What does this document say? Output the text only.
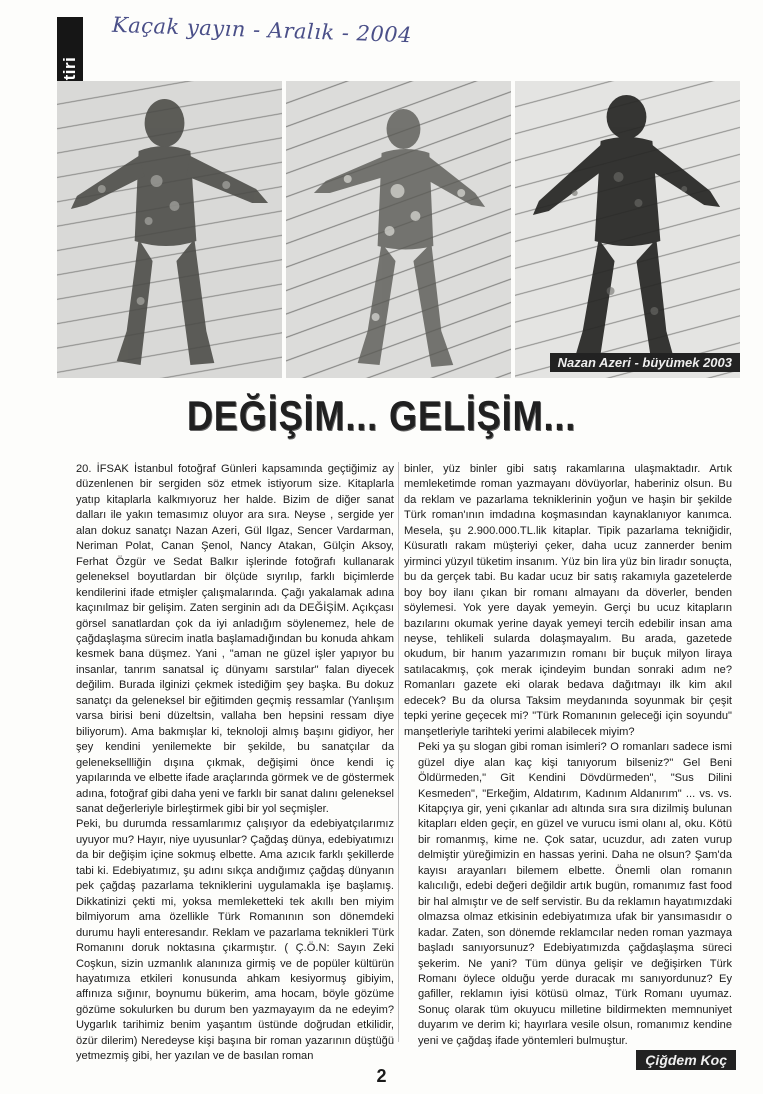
Kaçak yayın - Aralık - 2004
Nazan Azeri - büyümek 2003
DEĞİŞİM... GELİŞİM...

20. İFSAK İstanbul fotoğraf Günleri kapsamında geçtiğimiz ay düzenlenen bir sergiden söz etmek istiyorum size. Kitaplarla yatıp kitaplarla kalkmıyoruz her halde. Bizim de diğer sanat dalları ile yakın temasımız oluyor ara sıra. Neyse , sergide yer alan dokuz sanatçı Nazan Azeri, Gül Ilgaz, Sencer Vardarman, Neriman Polat, Canan Şenol, Nancy Atakan, Gülçin Aksoy, Ferhat Özgür ve Sedat Balkır işlerinde fotoğrafı kullanarak geleneksel boyutlardan bir ölçüde sıyrılıp, farklı biçimlerde kendilerini ifade etmişler çalışmalarında. Çağı yakalamak adına kaçınılmaz bir gelişim. Zaten serginin adı da DEĞİŞİM. Açıkçası görsel sanatlardan çok da iyi anladığım söylenemez, hele de çağdaşlaşma sürecim inatla başlamadığından bu konuda ahkam kesmek bana düşmez. Yani , "aman ne güzel işler yapıyor bu insanlar, tanrım sanatsal iç dünyamı sarstılar" falan diyecek değilim. Burada ilginizi çekmek istediğim şey başka. Bu dokuz sanatçı da geleneksel bir eğitimden geçmiş ressamlar (Yanlışım varsa birisi beni düzeltsin, vallaha ben hepsini ressam diye biliyorum). Ama bakmışlar ki, teknoloji almış başını gidiyor, her şey kendini yenilemekte bir şekilde, bu sanatçılar da geleneksellliğin dışına çıkmak, değişimi önce kendi iç yapılarında ve elbette ifade araçlarında görmek ve de göstermek adına, fotoğraf gibi daha yeni ve farklı bir sanat dalını geleneksel sanat değerleriyle birleştirmek gibi bir yol seçmişler.

Peki, bu durumda ressamlarımız çalışıyor da edebiyatçılarımız uyuyor mu? Hayır, niye uyusunlar? Çağdaş dünya, edebiyatımızı da bir değişim içine sokmuş elbette. Ama azıcık farklı şekillerde tabi ki. Edebiyatımız, şu adını sıkça andığımız çağdaş dünyanın pek çağdaş pazarlama tekniklerini uygulamakla işe başlamış. Dikkatinizi çekti mi, yoksa memleketteki tek akıllı ben miyim bilmiyorum ama özellikle Türk Romanının son dönemdeki durumu hayli enteresandır. Reklam ve pazarlama teknikleri Türk Romanını doruk noktasına çıkarmıştır. ( Ç.Ö.N: Sayın Zeki Coşkun, sizin uzmanlık alanınıza girmiş ve de popüler kültürün hayatımıza etkileri konusunda ahkam kesiyormuş gibiyim, affınıza sığınır, boynumu bükerim, ama hocam, böyle gözüme gözüme sokulurken bu durum ben yazmayayım da ne edeyim? Uygarlık tarihimiz benim yaşantım üstünde doğrudan etkilidir, özür dilerim) Neredeyse kişi başına bir roman yazarının düştüğü yetmezmiş gibi, her yazılan ve de basılan roman

binler, yüz binler gibi satış rakamlarına ulaşmaktadır. Artık memleketimde roman yazmayanı dövüyorlar, haberiniz olsun. Bu da reklam ve pazarlama tekniklerinin yoğun ve haşin bir şekilde Türk roman'ının imdadına koşmasından kaynaklanıyor kanımca. Mesela, şu 2.900.000.TL.lik kitaplar. Tipik pazarlama tekniğidir, Küsuratlı rakam müşteriyi çeker, daha ucuz zannerder benim yirminci yüzyıl tüketim insanım. Yüz bin lira yüz bin liradır sonuçta, bu da gerçek tabi. Bu kadar ucuz bir satış rakamıyla gazetelerde boy boy ilanı çıkan bir romanı almayanı da döverler, benden söylemesi. Yok yere dayak yemeyin. Gerçi bu ucuz kitapların bazılarını okumak yerine dayak yemeyi tercih edebilir insan ama neyse, tehlikeli sularda dolaşmayalım. Bu arada, gazetede okudum, bir hanım yazarımızın romanı bir buçuk milyon liraya satılacakmış, çok merak içindeyim bundan sonraki adım ne? Romanları gazete eki olarak bedava dağıtmayı ilk kim akıl edecek? Bu da olursa Taksim meydanında soyunmak bir çeşit tepki yerine geçecek mi? "Türk Romanının geleceği için soyundu" manşetleriyle tarihteki yerimi alabilecek miyim?

Peki ya şu slogan gibi roman isimleri? O romanları sadece ismi güzel diye alan kaç kişi tanıyorum bilseniz?" Gel Beni Öldürmeden," Git Kendini Dövdürmeden", "Sus Dilini Kesmeden", "Erkeğim, Aldatırım, Kadınım Aldanırım" ... vs. vs. Kitapçıya gir, yeni çıkanlar adı altında sıra sıra dizilmiş bulunan kitapları elden geçir, en güzel ve vurucu ismi olanı al, oku. Kötü bir romanmış, kime ne. Çok satar, ucuzdur, adı zaten vurup delmiştir yüreğimizin en hassas yerini. Daha ne olsun? Şam'da kayısı arayanları bilemem elbette. Önemli olan romanın kalıcılığı, edebi değeri değildir artık bugün, romanımız fast food bir hal almıştır ve de self servistir. Bu da reklamın hayatımızdaki olmazsa olmaz etkisinin edebiyatımıza ufak bir yansımasıdır o kadar. Zaten, son dönemde reklamcılar neden roman yazmaya başladı sanıyorsunuz? Edebiyatımızda çağdaşlaşma süreci şekerim. Ne yani? Tüm dünya gelişir ve değişirken Türk Romanı öylece olduğu yerde duracak mı sanıyordunuz? Ey gafiller, reklamın iyisi kötüsü olmaz, Türk Romanı uyumaz. Sonuç olarak tüm okuyucu milletine bildirmekten memnuniyet duyarım ve derim ki; hayırlara vesile olsun, romanımız kendine yeni ve çağdaş ifade yöntemleri bulmuştur.

Çiğdem Koç
2
